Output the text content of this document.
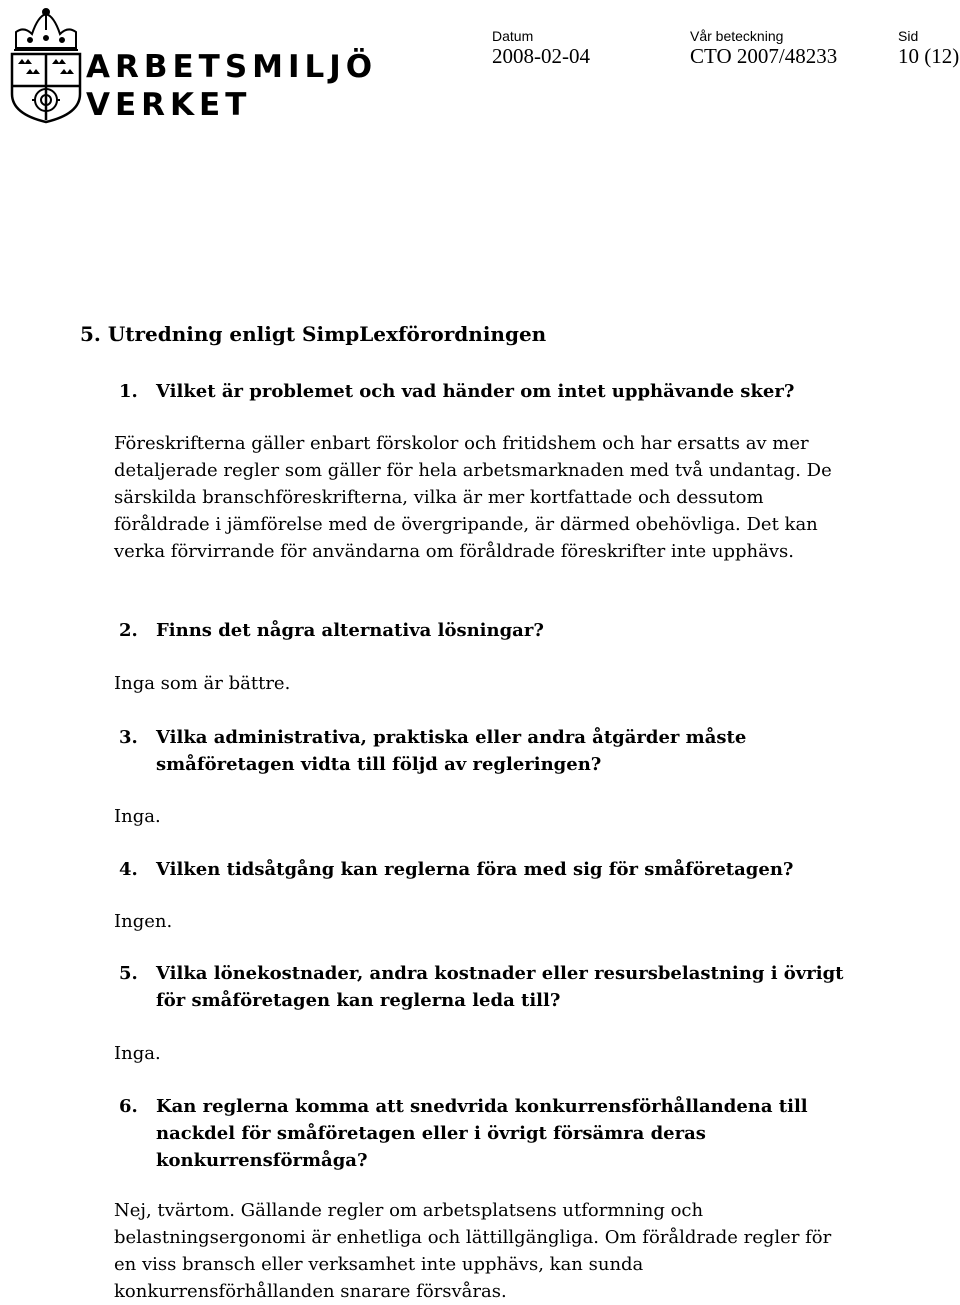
ARBETSMILJÖ
VERKET
Datum
2008-02-04
Vår beteckning
CTO 2007/48233
Sid
10 (12)
5. Utredning enligt SimpLexförordningen
1. Vilket är problemet och vad händer om intet upphävande sker?
Föreskrifterna gäller enbart förskolor och fritidshem och har ersatts av mer detaljerade regler som gäller för hela arbetsmarknaden med två undantag. De särskilda branschföreskrifterna, vilka är mer kortfattade och dessutom föråldrade i jämförelse med de övergripande, är därmed obehövliga. Det kan verka förvirrande för användarna om föråldrade föreskrifter inte upphävs.
2. Finns det några alternativa lösningar?
Inga som är bättre.
3. Vilka administrativa, praktiska eller andra åtgärder måste småföretagen vidta till följd av regleringen?
Inga.
4. Vilken tidsåtgång kan reglerna föra med sig för småföretagen?
Ingen.
5. Vilka lönekostnader, andra kostnader eller resursbelastning i övrigt för småföretagen kan reglerna leda till?
Inga.
6. Kan reglerna komma att snedvrida konkurrensförhållandena till nackdel för småföretagen eller i övrigt försämra deras konkurrensförmåga?
Nej, tvärtom. Gällande regler om arbetsplatsens utformning och belastningsergonomi är enhetliga och lättillgängliga. Om föråldrade regler för en viss bransch eller verksamhet inte upphävs, kan sunda konkurrensförhållanden snarare försvåras.
